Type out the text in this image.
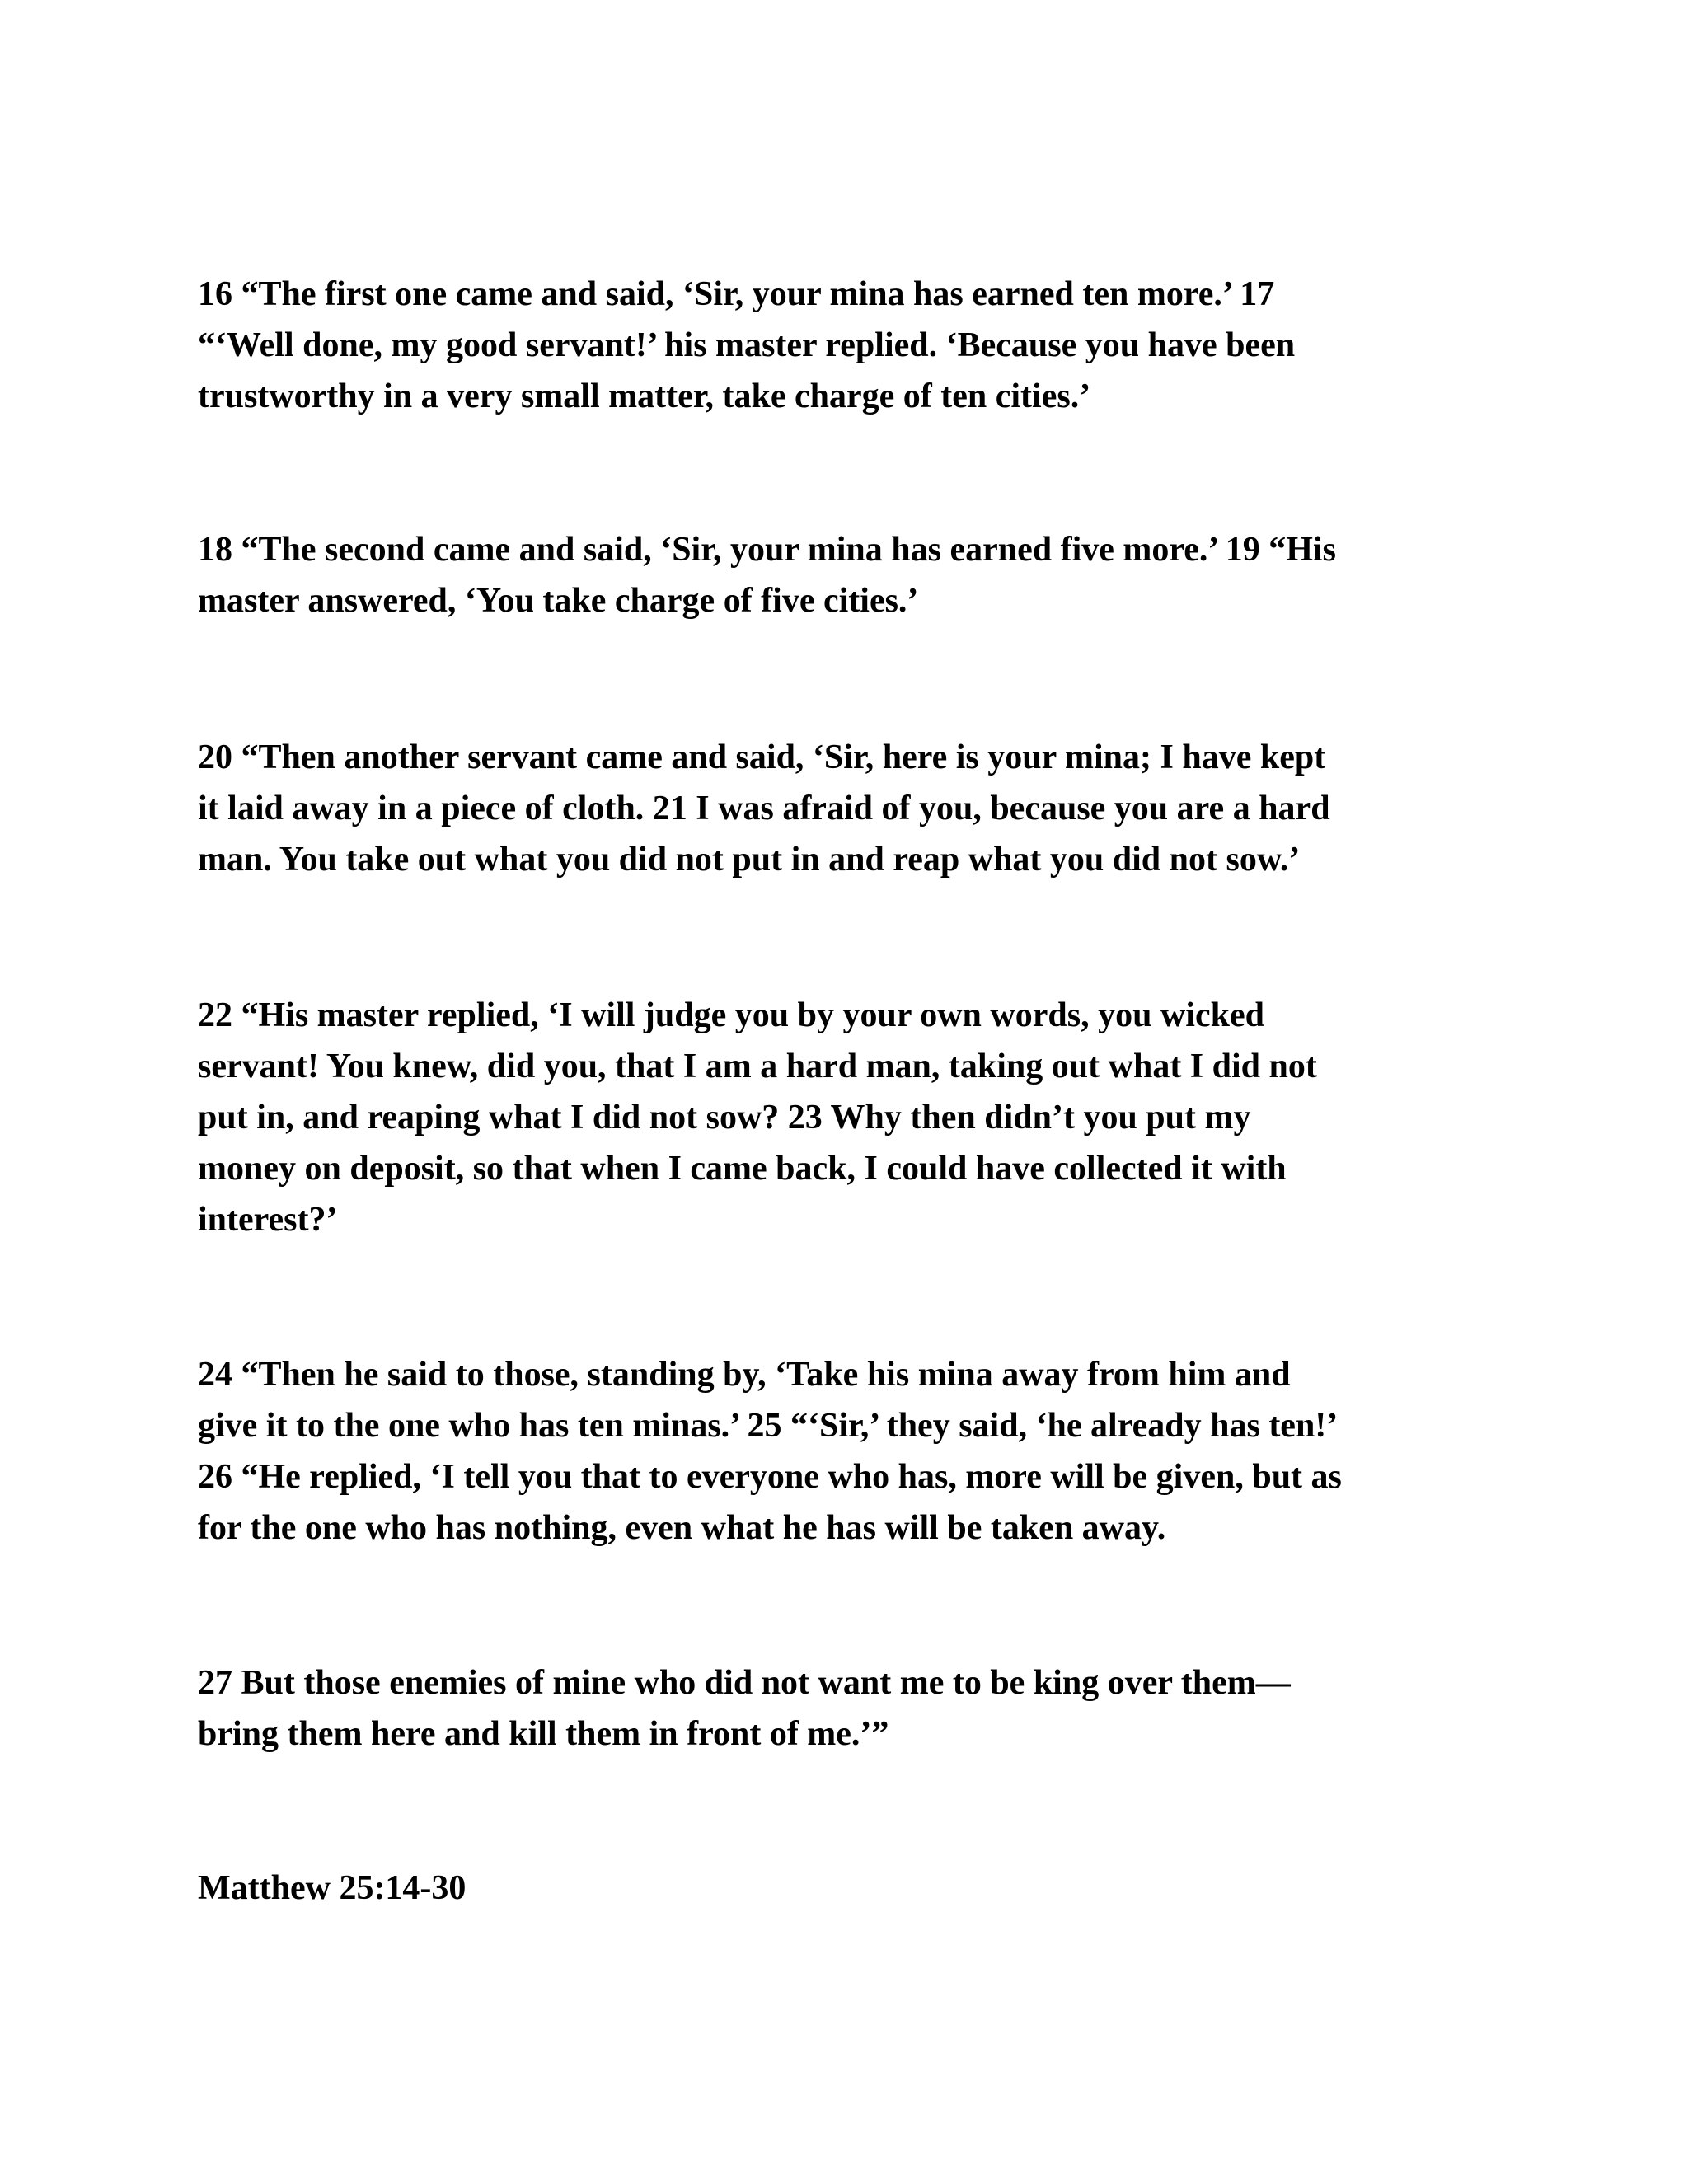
16 “The first one came and said, ‘Sir, your mina has earned ten more.’ 17
“‘Well done, my good servant!’ his master replied. ‘Because you have been
trustworthy in a very small matter, take charge of ten cities.’

18 “The second came and said, ‘Sir, your mina has earned five more.’ 19 “His
master answered, ‘You take charge of five cities.’

20 “Then another servant came and said, ‘Sir, here is your mina; I have kept
it laid away in a piece of cloth. 21 I was afraid of you, because you are a hard
man. You take out what you did not put in and reap what you did not sow.’

22 “His master replied, ‘I will judge you by your own words, you wicked
servant! You knew, did you, that I am a hard man, taking out what I did not
put in, and reaping what I did not sow? 23 Why then didn’t you put my
money on deposit, so that when I came back, I could have collected it with
interest?’

24 “Then he said to those, standing by, ‘Take his mina away from him and
give it to the one who has ten minas.’ 25 “‘Sir,’ they said, ‘he already has ten!’
26 “He replied, ‘I tell you that to everyone who has, more will be given, but as
for the one who has nothing, even what he has will be taken away.

27 But those enemies of mine who did not want me to be king over them—
bring them here and kill them in front of me.’”

Matthew 25:14-30
